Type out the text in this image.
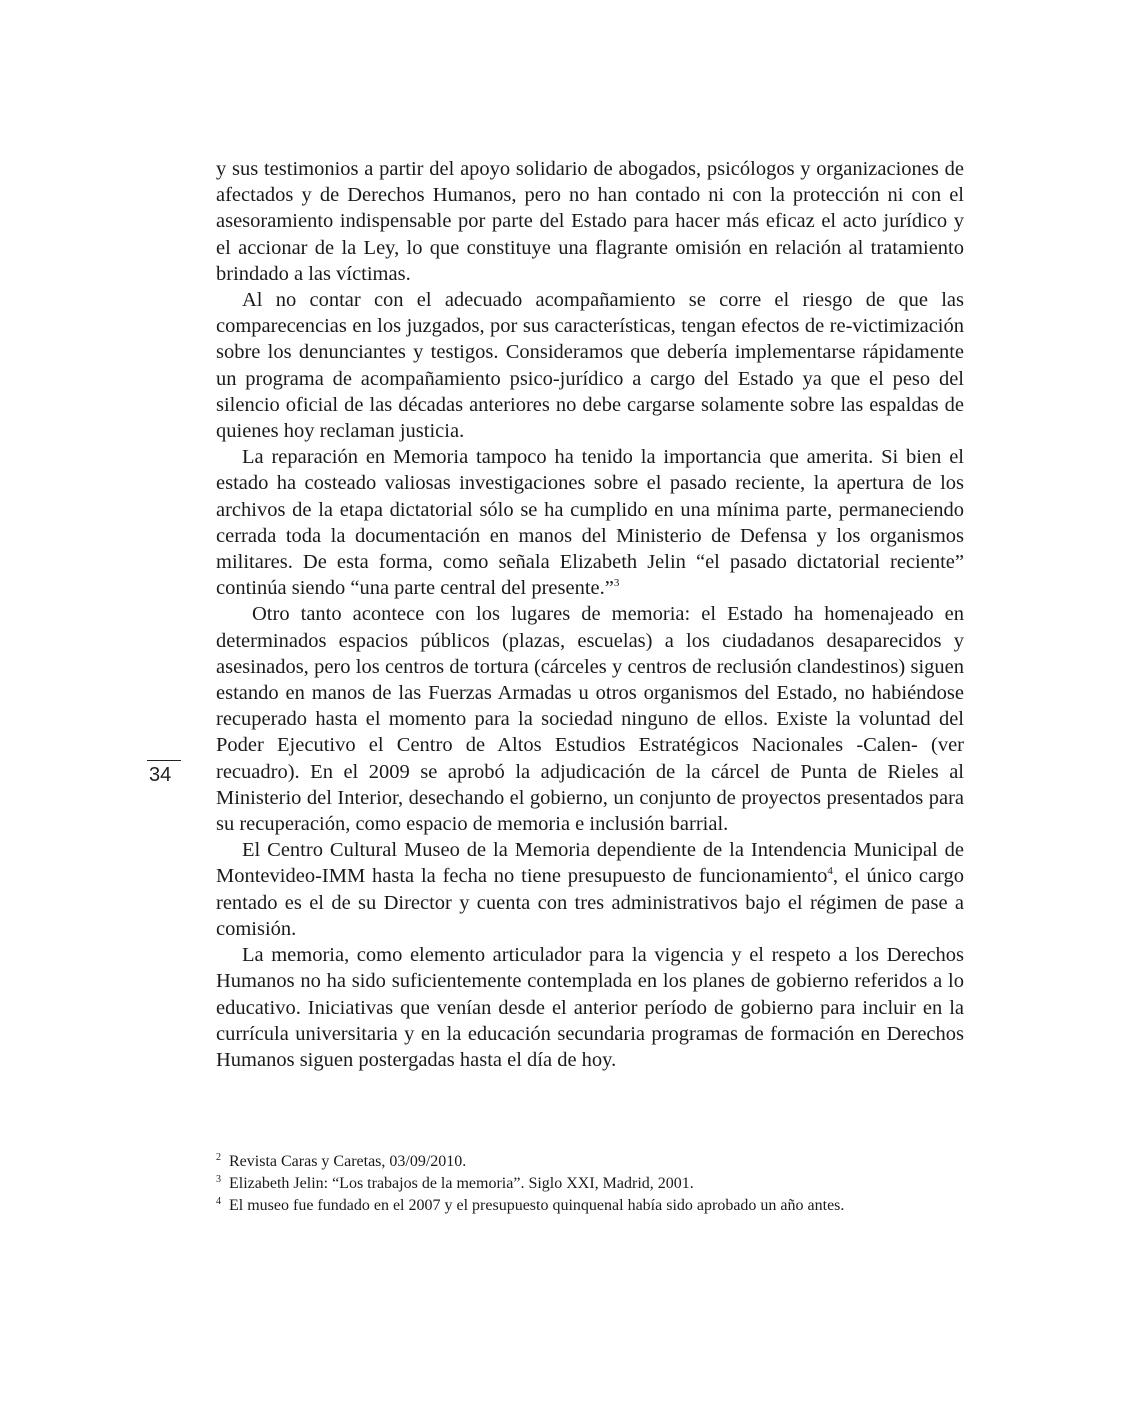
34

y sus testimonios a partir del apoyo solidario de abogados, psicólogos y organizaciones de afectados y de Derechos Humanos, pero no han contado ni con la protección ni con el asesoramiento indispensable por parte del Estado para hacer más eficaz el acto jurídico y el accionar de la Ley, lo que constituye una flagrante omisión en relación al tratamiento brindado a las víctimas.

Al no contar con el adecuado acompañamiento se corre el riesgo de que las comparecencias en los juzgados, por sus características, tengan efectos de re-victimización sobre los denunciantes y testigos. Consideramos que debería implementarse rápidamente un programa de acompañamiento psico-jurídico a cargo del Estado ya que el peso del silencio oficial de las décadas anteriores no debe cargarse solamente sobre las espaldas de quienes hoy reclaman justicia.

La reparación en Memoria tampoco ha tenido la importancia que amerita. Si bien el estado ha costeado valiosas investigaciones sobre el pasado reciente, la apertura de los archivos de la etapa dictatorial sólo se ha cumplido en una mínima parte, permaneciendo cerrada toda la documentación en manos del Ministerio de Defensa y los organismos militares. De esta forma, como señala Elizabeth Jelin “el pasado dictatorial reciente” continúa siendo “una parte central del presente.”$^3$

Otro tanto acontece con los lugares de memoria: el Estado ha homenajeado en determinados espacios públicos (plazas, escuelas) a los ciudadanos desaparecidos y asesinados, pero los centros de tortura (cárceles y centros de reclusión clandestinos) siguen estando en manos de las Fuerzas Armadas u otros organismos del Estado, no habiéndose recuperado hasta el momento para la sociedad ninguno de ellos. Existe la voluntad del Poder Ejecutivo el Centro de Altos Estudios Estratégicos Nacionales -Calen- (ver recuadro). En el 2009 se aprobó la adjudicación de la cárcel de Punta de Rieles al Ministerio del Interior, desechando el gobierno, un conjunto de proyectos presentados para su recuperación, como espacio de memoria e inclusión barrial.

El Centro Cultural Museo de la Memoria dependiente de la Intendencia Municipal de Montevideo-IMM hasta la fecha no tiene presupuesto de funcionamiento$^4$, el único cargo rentado es el de su Director y cuenta con tres administrativos bajo el régimen de pase a comisión.

La memoria, como elemento articulador para la vigencia y el respeto a los Derechos Humanos no ha sido suficientemente contemplada en los planes de gobierno referidos a lo educativo. Iniciativas que venían desde el anterior período de gobierno para incluir en la currícula universitaria y en la educación secundaria programas de formación en Derechos Humanos siguen postergadas hasta el día de hoy.

$^2$ Revista Caras y Caretas, 03/09/2010.
$^3$ Elizabeth Jelin: “Los trabajos de la memoria”. Siglo XXI, Madrid, 2001.
$^4$ El museo fue fundado en el 2007 y el presupuesto quinquenal había sido aprobado un año antes.
